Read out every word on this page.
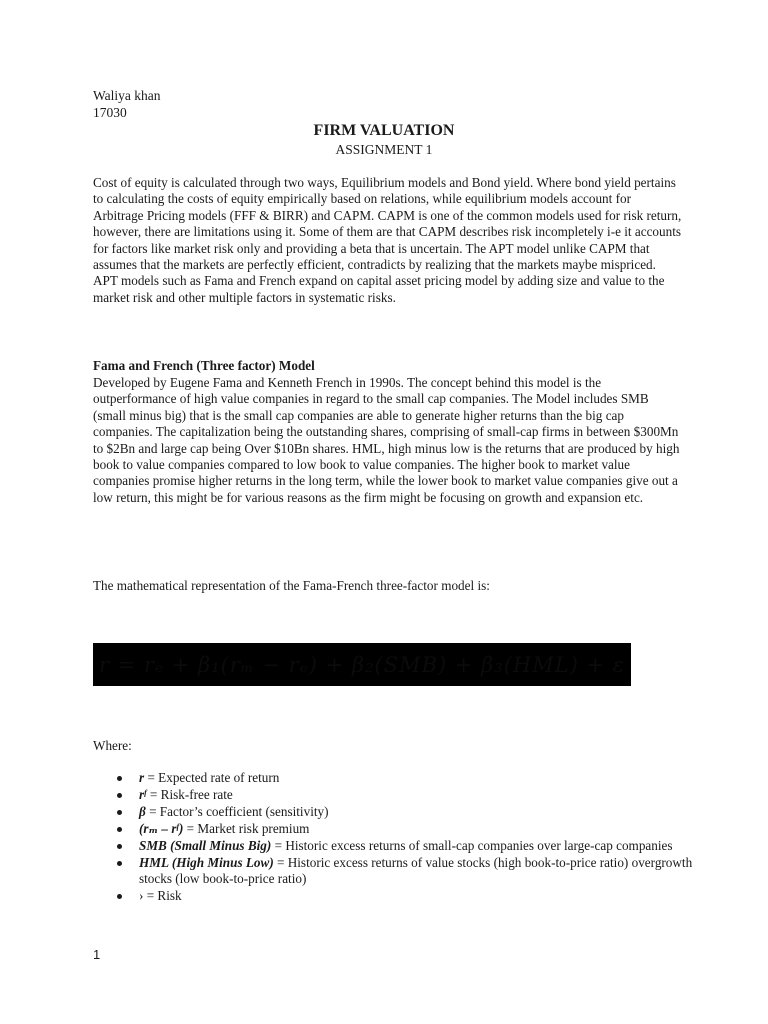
Waliya khan
17030
FIRM VALUATION
ASSIGNMENT 1

Cost of equity is calculated through two ways, Equilibrium models and Bond yield. Where bond yield pertains to calculating the costs of equity empirically based on relations, while equilibrium models account for Arbitrage Pricing models (FFF & BIRR) and CAPM. CAPM is one of the common models used for risk return, however, there are limitations using it. Some of them are that CAPM describes risk incompletely i-e it accounts for factors like market risk only and providing a beta that is uncertain. The APT model unlike CAPM that assumes that the markets are perfectly efficient, contradicts by realizing that the markets maybe mispriced. APT models such as Fama and French expand on capital asset pricing model by adding size and value to the market risk and other multiple factors in systematic risks.

Fama and French (Three factor) Model

Developed by Eugene Fama and Kenneth French in 1990s. The concept behind this model is the outperformance of high value companies in regard to the small cap companies. The Model includes SMB (small minus big) that is the small cap companies are able to generate higher returns than the big cap companies. The capitalization being the outstanding shares, comprising of small-cap firms in between $300Mn to $2Bn and large cap being Over $10Bn shares. HML, high minus low is the returns that are produced by high book to value companies compared to low book to value companies. The higher book to market value companies promise higher returns in the long term, while the lower book to market value companies give out a low return, this might be for various reasons as the firm might be focusing on growth and expansion etc.

The mathematical representation of the Fama-French three-factor model is:

r = rₑ + β₁(rₘ − rₑ) + β₂(SMB) + β₃(HML) + ε
Where:
r = Expected rate of return
rᶠ = Risk-free rate
β = Factor’s coefficient (sensitivity)
(rₘ – rᶠ) = Market risk premium
SMB (Small Minus Big) = Historic excess returns of small-cap companies over large-cap companies
HML (High Minus Low) = Historic excess returns of value stocks (high book-to-price ratio) overgrowth stocks (low book-to-price ratio)
› = Risk
1
